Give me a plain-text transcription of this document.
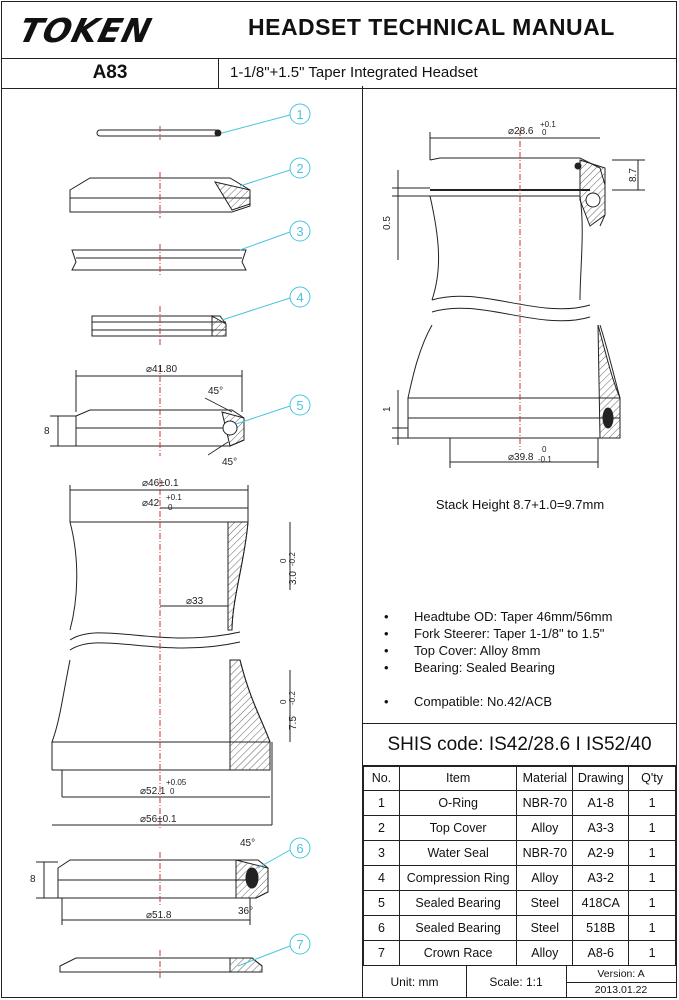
TOKEN	HEADSET TECHNICAL MANUAL
A83	1-1/8"+1.5" Taper Integrated Headset
1
2
3
4
5
6
7
⌀41.80
45°
45°
8
⌀46±0.1
⌀42
+0.1
0
⌀33
3.0
0 -0.2
7.5
0 -0.2
⌀52.1
+0.05
0
⌀56±0.1
45°
8
⌀51.8	36°
⌀28.6
+0.1
0
8.7
0.5
1
⌀39.8
0
-0.1
Stack Height 8.7+1.0=9.7mm
• Headtube OD: Taper 46mm/56mm
• Fork Steerer: Taper 1-1/8" to 1.5"
• Top Cover: Alloy 8mm
• Bearing: Sealed Bearing
• Compatible: No.42/ACB
SHIS code: IS42/28.6 I IS52/40
No.	Item	Material	Drawing	Q'ty
1	O-Ring	NBR-70	A1-8	1
2	Top Cover	Alloy	A3-3	1
3	Water Seal	NBR-70	A2-9	1
4	Compression Ring	Alloy	A3-2	1
5	Sealed Bearing	Steel	418CA	1
6	Sealed Bearing	Steel	518B	1
7	Crown Race	Alloy	A8-6	1
Unit: mm	Scale: 1:1
Version: A
2013.01.22
